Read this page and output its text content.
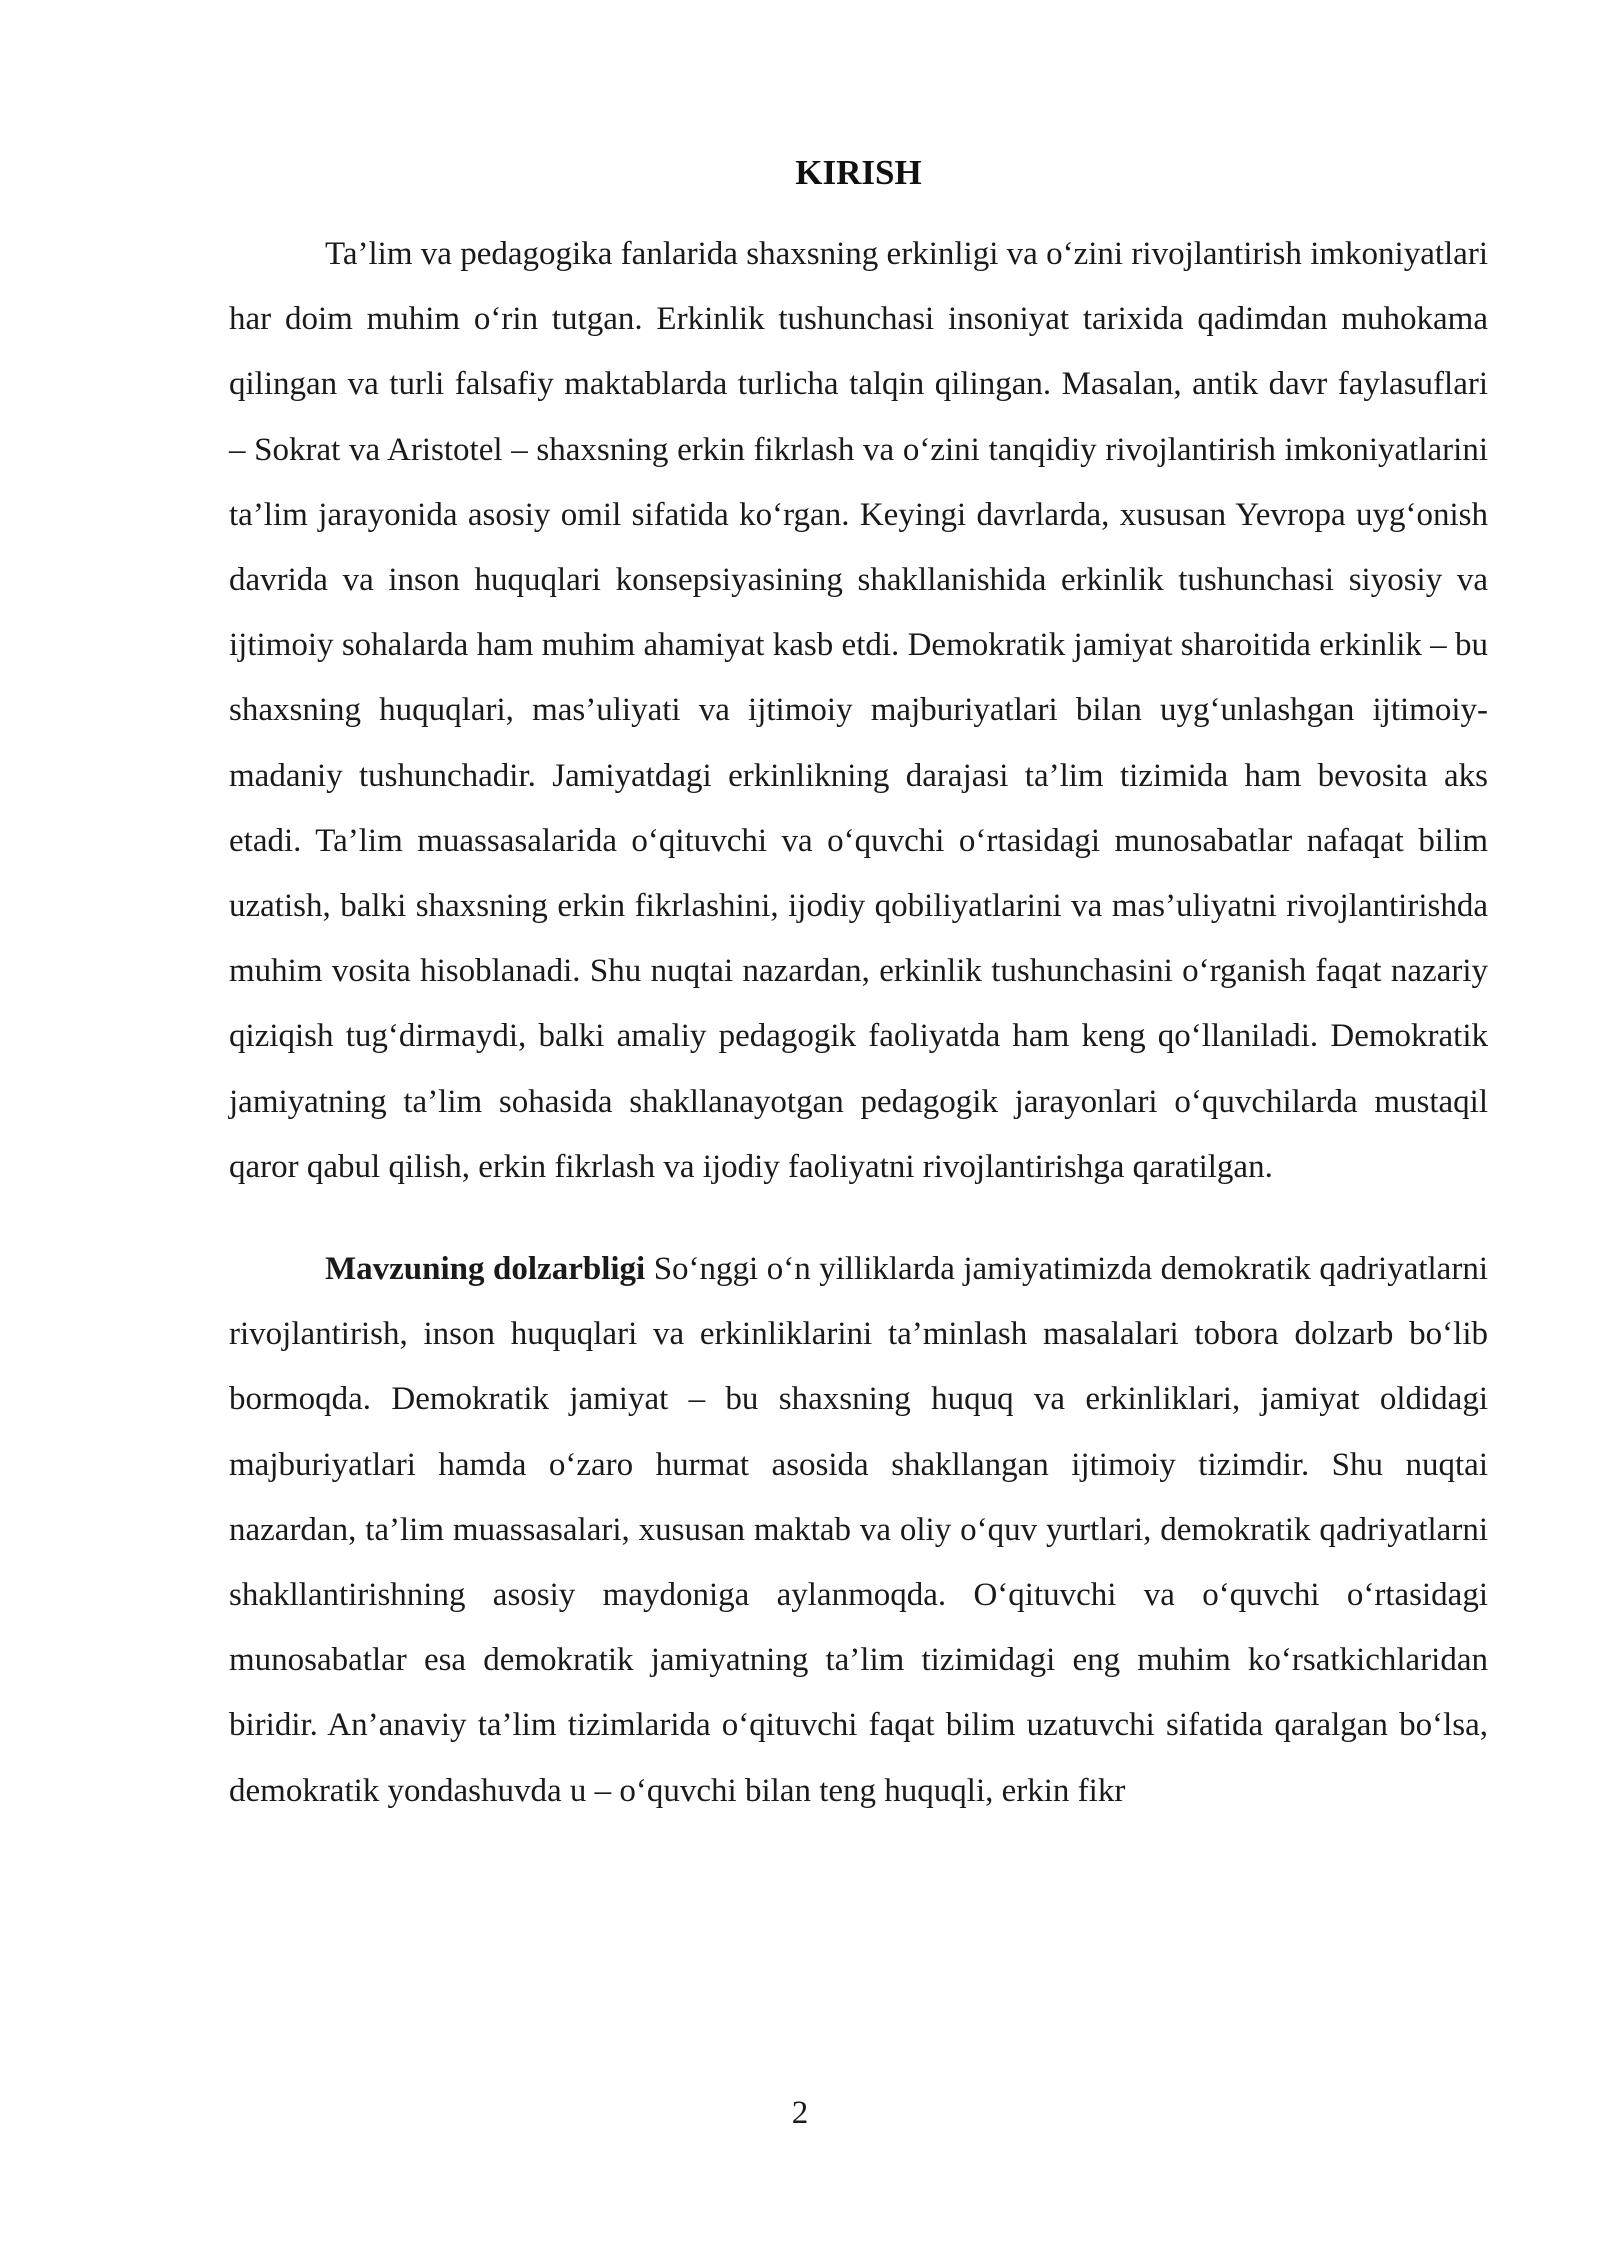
KIRISH

Ta’lim va pedagogika fanlarida shaxsning erkinligi va o‘zini rivojlantirish imkoniyatlari har doim muhim o‘rin tutgan. Erkinlik tushunchasi insoniyat tarixida qadimdan muhokama qilingan va turli falsafiy maktablarda turlicha talqin qilingan. Masalan, antik davr faylasuflari – Sokrat va Aristotel – shaxsning erkin fikrlash va o‘zini tanqidiy rivojlantirish imkoniyatlarini ta’lim jarayonida asosiy omil sifatida ko‘rgan. Keyingi davrlarda, xususan Yevropa uyg‘onish davrida va inson huquqlari konsepsiyasining shakllanishida erkinlik tushunchasi siyosiy va ijtimoiy sohalarda ham muhim ahamiyat kasb etdi. Demokratik jamiyat sharoitida erkinlik – bu shaxsning huquqlari, mas’uliyati va ijtimoiy majburiyatlari bilan uyg‘unlashgan ijtimoiy-madaniy tushunchadir. Jamiyatdagi erkinlikning darajasi ta’lim tizimida ham bevosita aks etadi. Ta’lim muassasalarida o‘qituvchi va o‘quvchi o‘rtasidagi munosabatlar nafaqat bilim uzatish, balki shaxsning erkin fikrlashini, ijodiy qobiliyatlarini va mas’uliyatni rivojlantirishda muhim vosita hisoblanadi. Shu nuqtai nazardan, erkinlik tushunchasini o‘rganish faqat nazariy qiziqish tug‘dirmaydi, balki amaliy pedagogik faoliyatda ham keng qo‘llaniladi. Demokratik jamiyatning ta’lim sohasida shakllanayotgan pedagogik jarayonlari o‘quvchilarda mustaqil qaror qabul qilish, erkin fikrlash va ijodiy faoliyatni rivojlantirishga qaratilgan.

Mavzuning dolzarbligi So‘nggi o‘n yilliklarda jamiyatimizda demokratik qadriyatlarni rivojlantirish, inson huquqlari va erkinliklarini ta’minlash masalalari tobora dolzarb bo‘lib bormoqda. Demokratik jamiyat – bu shaxsning huquq va erkinliklari, jamiyat oldidagi majburiyatlari hamda o‘zaro hurmat asosida shakllangan ijtimoiy tizimdir. Shu nuqtai nazardan, ta’lim muassasalari, xususan maktab va oliy o‘quv yurtlari, demokratik qadriyatlarni shakllantirishning asosiy maydoniga aylanmoqda. O‘qituvchi va o‘quvchi o‘rtasidagi munosabatlar esa demokratik jamiyatning ta’lim tizimidagi eng muhim ko‘rsatkichlaridan biridir. An’anaviy ta’lim tizimlarida o‘qituvchi faqat bilim uzatuvchi sifatida qaralgan bo‘lsa, demokratik yondashuvda u – o‘quvchi bilan teng huquqli, erkin fikr

2
